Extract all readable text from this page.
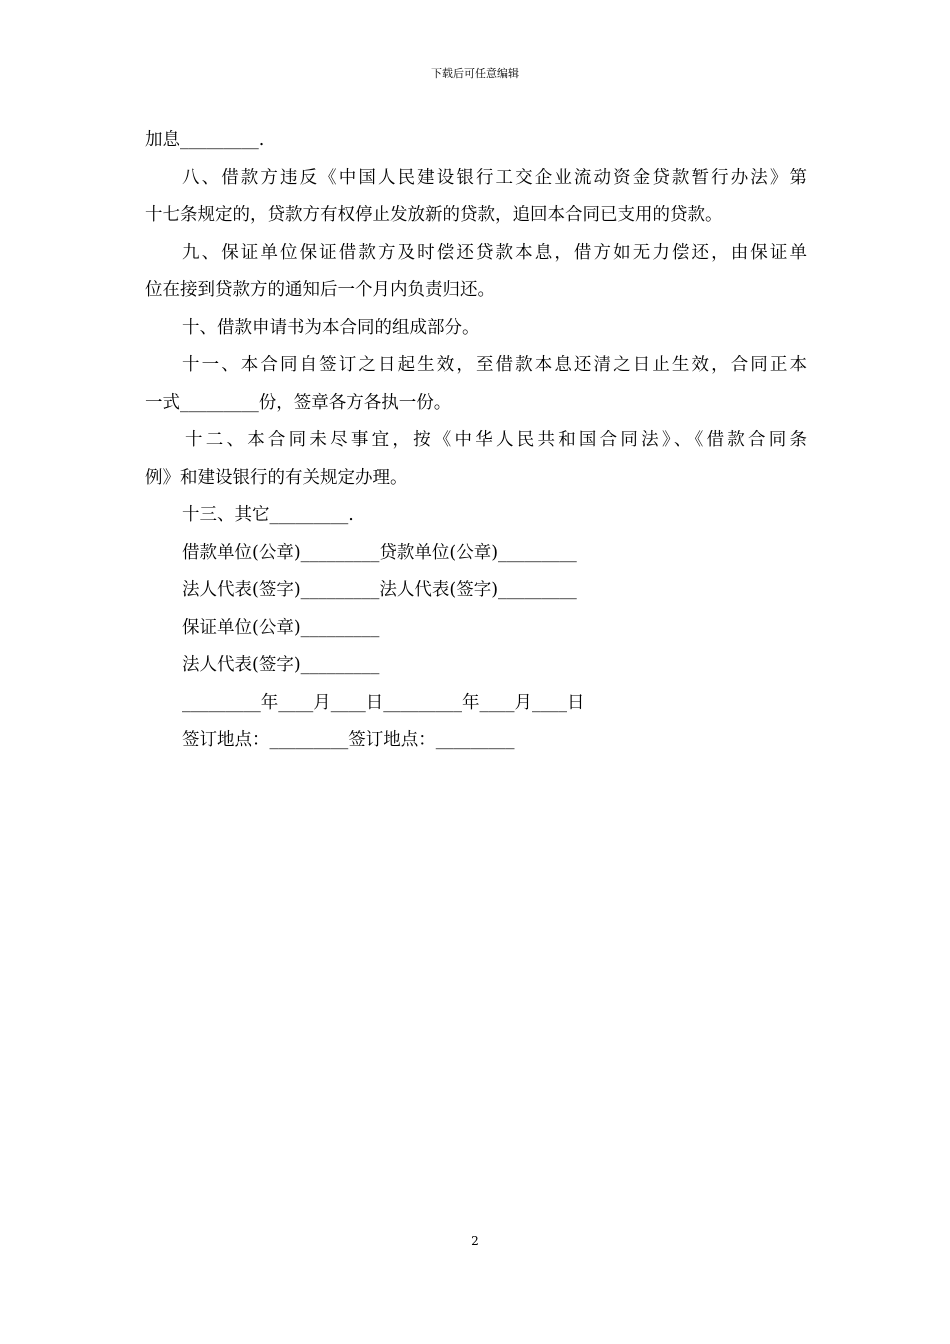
下载后可任意编辑
加息_________.
八、借款方违反《中国人民建设银行工交企业流动资金贷款暂行办法》第
十七条规定的，贷款方有权停止发放新的贷款，追回本合同已支用的贷款。
九、保证单位保证借款方及时偿还贷款本息，借方如无力偿还，由保证单
位在接到贷款方的通知后一个月内负责归还。
十、借款申请书为本合同的组成部分。
十一、本合同自签订之日起生效，至借款本息还清之日止生效，合同正本
一式_________份，签章各方各执一份。
十二、本合同未尽事宜，按《中华人民共和国合同法》、《借款合同条
例》和建设银行的有关规定办理。
十三、其它_________.
借款单位(公章)_________贷款单位(公章)_________
法人代表(签字)_________法人代表(签字)_________
保证单位(公章)_________
法人代表(签字)_________
_________年____月____日_________年____月____日
签订地点：_________签订地点：_________
2
